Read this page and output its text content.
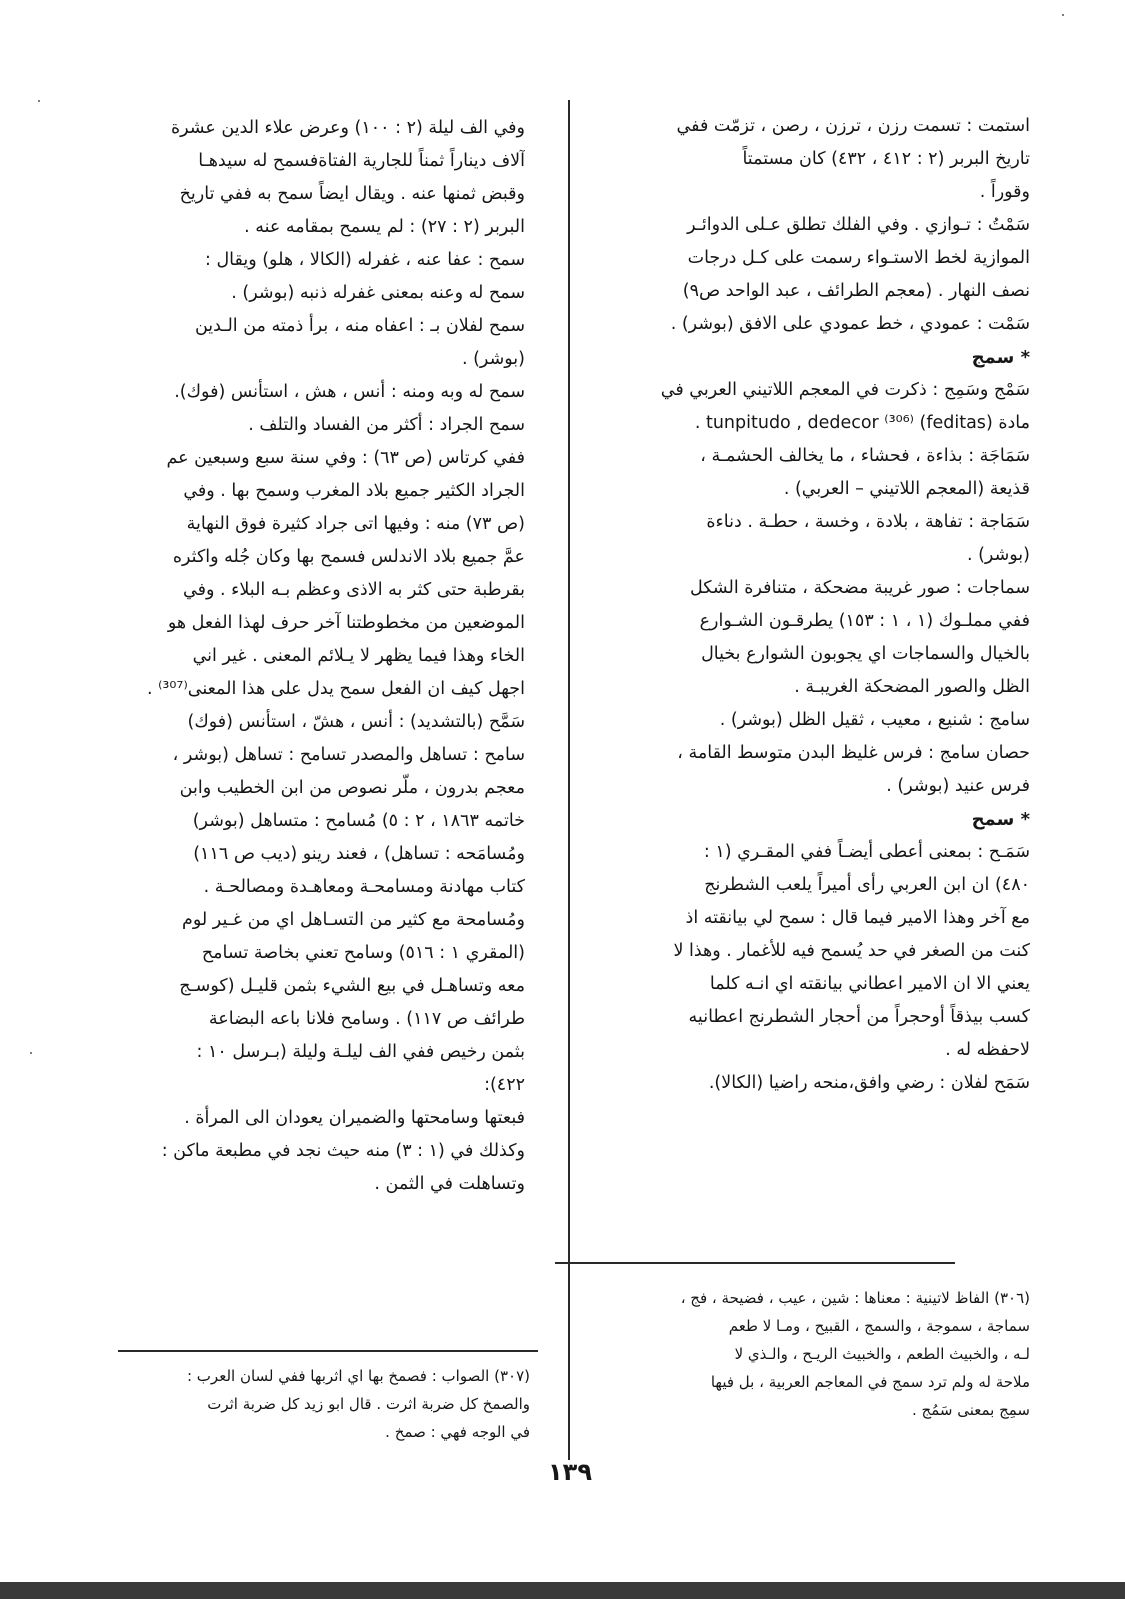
استمت : تسمت رزن ، ترزن ، رصن ، تزمّت ففي
تاريخ البربر (٢ : ٤١٢ ، ٤٣٢) كان مستمتاً
وقوراً .
سَمْتُ : تـوازي . وفي الفلك تطلق عـلى الدوائـر
الموازية لخط الاستـواء رسمت على كـل درجات
نصف النهار . (معجم الطرائف ، عبد الواحد ص٩)
سَمْت : عمودي ، خط عمودي على الافق (بوشر) .
* سمج
سَمْج وسَمِج : ذكرت في المعجم اللاتيني العربي في
مادة (feditas) tunpitudo , dedecor ⁽³⁰⁶⁾ .
سَمَاجَة : بذاءة ، فحشاء ، ما يخالف الحشمـة ،
قذيعة (المعجم اللاتيني – العربي) .
سَمَاجة : تفاهة ، بلادة ، وخسة ، حطـة . دناءة
(بوشر) .
سماجات : صور غريبة مضحكة ، متنافرة الشكل
ففي مملـوك (١ ، ١ : ١٥٣) يطرقـون الشـوارع
بالخيال والسماجات اي يجوبون الشوارع بخيال
الظل والصور المضحكة الغريبـة .
سامج : شنيع ، معيب ، ثقيل الظل (بوشر) .
حصان سامج : فرس غليظ البدن متوسط القامة ،
فرس عنيد (بوشر) .
* سمح
سَمَـح : بمعنى أعطى أيضـاً ففي المقـري (١ :
٤٨٠) ان ابن العربي رأى أميراً يلعب الشطرنج
مع آخر وهذا الامير فيما قال : سمح لي بيانقته اذ
كنت من الصغر في حد يُسمح فيه للأغمار . وهذا لا
يعني الا ان الامير اعطاني بيانقته اي انـه كلما
كسب بيذقاً أوحجراً من أحجار الشطرنج اعطانيه
لاحفظه له .
سَمَح لفلان : رضي وافق،منحه راضيا (الكالا).
وفي الف ليلة (٢ : ١٠٠) وعرض علاء الدين عشرة
آلاف ديناراً ثمناً للجارية الفتاةفسمح له سيدهـا
وقبض ثمنها عنه . ويقال ايضاً سمح به ففي تاريخ
البربر (٢ : ٢٧) : لم يسمح بمقامه عنه .
سمح : عفا عنه ، غفرله (الكالا ، هلو) ويقال :
سمح له وعنه بمعنى غفرله ذنبه (بوشر) .
سمح لفلان بـ : اعفاه منه ، برأ ذمته من الـدين
(بوشر) .
سمح له وبه ومنه : أنس ، هش ، استأنس (فوك).
سمح الجراد : أكثر من الفساد والتلف .
ففي كرتاس (ص ٦٣) : وفي سنة سبع وسبعين عم
الجراد الكثير جميع بلاد المغرب وسمح بها . وفي
(ص ٧٣) منه : وفيها اتى جراد كثيرة فوق النهاية
عمَّ جميع بلاد الاندلس فسمح بها وكان جُله واكثره
بقرطبة حتى كثر به الاذى وعظم بـه البلاء . وفي
الموضعين من مخطوطتنا آخر حرف لهذا الفعل هو
الخاء وهذا فيما يظهر لا يـلائم المعنى . غير اني
اجهل كيف ان الفعل سمح يدل على هذا المعنى⁽³⁰⁷⁾ .
سَمَّح (بالتشديد) : أنس ، هشّ ، استأنس (فوك)
سامح : تساهل والمصدر تسامح : تساهل (بوشر ،
معجم بدرون ، ملّر نصوص من ابن الخطيب وابن
خاتمه ١٨٦٣ ، ٢ : ٥) مُسامح : متساهل (بوشر)
ومُسامَحه : تساهل) ، فعند رينو (ديب ص ١١٦)
كتاب مهادنة ومسامحـة ومعاهـدة ومصالحـة .
ومُسامحة مع كثير من التسـاهل اي من غـير لوم
(المقري ١ : ٥١٦) وسامح تعني بخاصة تسامح
معه وتساهـل في بيع الشيء بثمن قليـل (كوسـج
طرائف ص ١١٧) . وسامح فلانا باعه البضاعة
بثمن رخيص ففي الف ليلـة وليلة (بـرسل ١٠ :
٤٢٢):
فبعتها وسامحتها والضميران يعودان الى المرأة .
وكذلك في (١ : ٣) منه حيث نجد في مطبعة ماكن :
وتساهلت في الثمن .
(٣٠٦) الفاظ لاتينية : معناها : شين ، عيب ، فضيحة ، فج ،
سماجة ، سموجة ، والسمج ، القبيح ، ومـا لا طعم
لـه ، والخبيث الطعم ، والخبيث الريـح ، والـذي لا
ملاحة له ولم ترد سمج في المعاجم العربية ، بل فيها
سمِج بمعنى سَمُج .
(٣٠٧) الصواب : فصمخ بها اي اثربها ففي لسان العرب :
والصمخ كل ضربة اثرت . قال ابو زيد كل ضربة اثرت
في الوجه فهي : صمخ .
١٣٩
